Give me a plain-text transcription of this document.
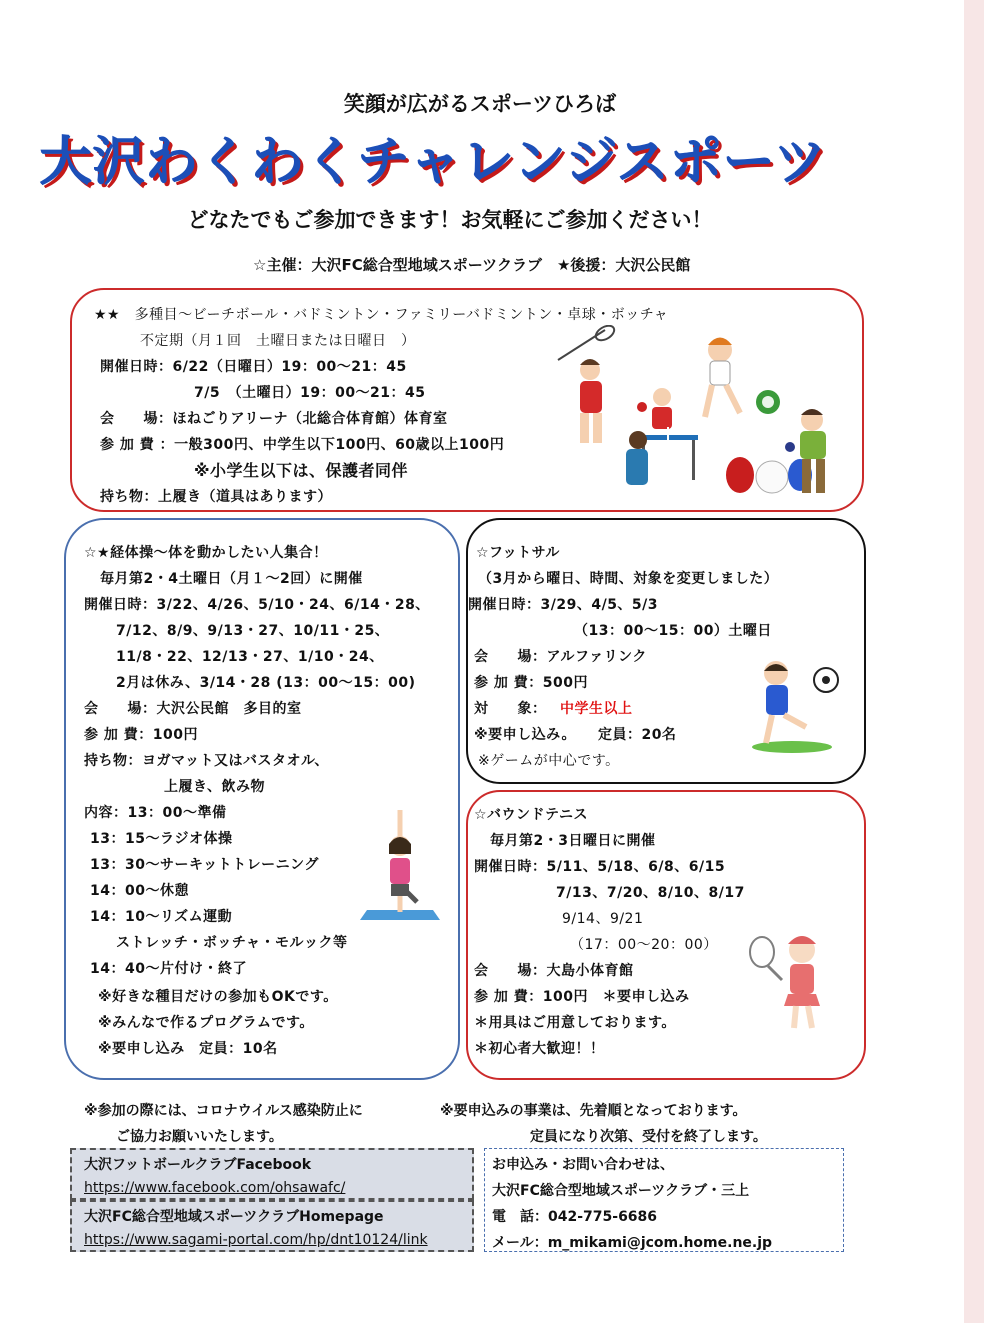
笑顔が広がるスポーツひろば
大沢わくわくチャレンジスポーツ
どなたでもご参加できます！お気軽にご参加ください！
☆主催：大沢FC総合型地域スポーツクラブ　★後援：大沢公民館
★★　多種目～ビーチボール・バドミントン・ファミリーバドミントン・卓球・ボッチャ
不定期（月１回　土曜日または日曜日　）
開催日時：6/22（日曜日）19：00～21：45
7/5　（土曜日）19：00～21：45
会　　場：ほねごりアリーナ（北総合体育館）体育室
参 加 費 ：一般300円、中学生以下100円、60歳以上100円
※小学生以下は、保護者同伴
持ち物：上履き（道具はあります）
☆★経体操～体を動かしたい人集合！
毎月第2・4土曜日（月１～2回）に開催
開催日時：3/22、4/26、5/10・24、6/14・28、
7/12、8/9、9/13・27、10/11・25、
11/8・22、12/13・27、1/10・24、
2月は休み、3/14・28 (13：00～15：00)
会　　場：大沢公民館　多目的室
参 加 費：100円
持ち物：ヨガマット又はバスタオル、
上履き、飲み物
内容：13：00～準備
13：15～ラジオ体操
13：30～サーキットトレーニング
14：00～休憩
14：10～リズム運動
ストレッチ・ボッチャ・モルック等
14：40～片付け・終了
※好きな種目だけの参加もOKです。
※みんなで作るプログラムです。
※要申し込み　定員：10名
☆フットサル
（3月から曜日、時間、対象を変更しました）
開催日時：3/29、4/5、5/3
（13：00～15：00）土曜日
会　　場：アルファリンク
参 加 費：500円
対　　象： 中学生以上
※要申し込み。　　定員：20名
※ゲームが中心です。
☆バウンドテニス
毎月第2・3日曜日に開催
開催日時：5/11、5/18、6/8、6/15
7/13、7/20、8/10、8/17
9/14、9/21
（17：00～20：00）
会　　場：大島小体育館
参 加 費：100円　＊要申し込み
＊用具はご用意しております。
＊初心者大歓迎！！
※参加の際には、コロナウイルス感染防止に
ご協力お願いいたします。
※要申込みの事業は、先着順となっております。
定員になり次第、受付を終了します。
大沢フットボールクラブFacebook
https://www.facebook.com/ohsawafc/
大沢FC総合型地域スポーツクラブHomepage
https://www.sagami-portal.com/hp/dnt10124/link
お申込み・お問い合わせは、
大沢FC総合型地域スポーツクラブ・三上
電　話：042-775-6686
メール：m_mikami@jcom.home.ne.jp
